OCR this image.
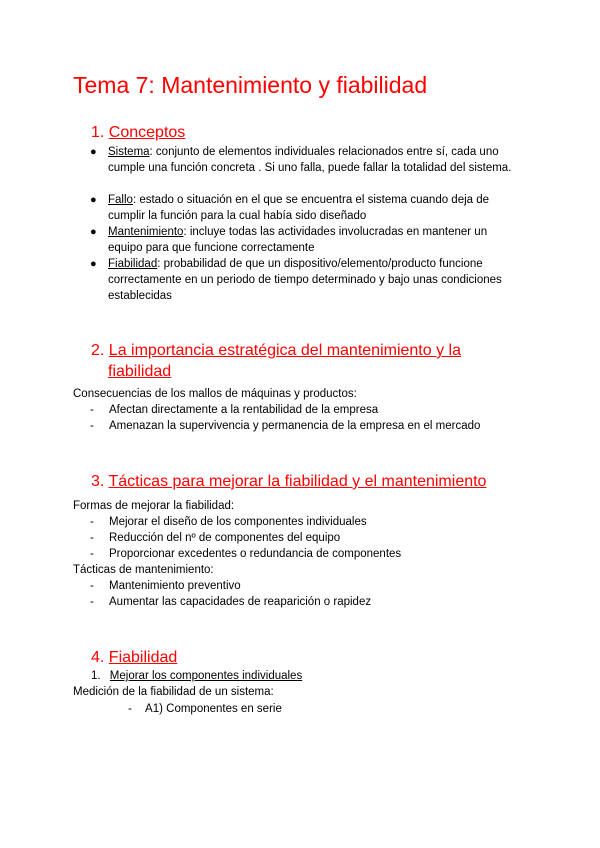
Tema 7: Mantenimiento y fiabilidad
1. Conceptos
● Sistema: conjunto de elementos individuales relacionados entre sí, cada uno cumple una función concreta . Si uno falla, puede fallar la totalidad del sistema.
● Fallo: estado o situación en el que se encuentra el sistema cuando deja de cumplir la función para la cual había sido diseñado
● Mantenimiento: incluye todas las actividades involucradas en mantener un equipo para que funcione correctamente
● Fiabilidad: probabilidad de que un dispositivo/elemento/producto funcione correctamente en un periodo de tiempo determinado y bajo unas condiciones establecidas
2. La importancia estratégica del mantenimiento y la
fiabilidad

Consecuencias de los mallos de máquinas y productos:

- Afectan directamente a la rentabilidad de la empresa
- Amenazan la supervivencia y permanencia de la empresa en el mercado
3. Tácticas para mejorar la fiabilidad y el mantenimiento

Formas de mejorar la fiabilidad:

- Mejorar el diseño de los componentes individuales
- Reducción del nº de componentes del equipo
- Proporcionar excedentes o redundancia de componentes

Tácticas de mantenimiento:

- Mantenimiento preventivo
- Aumentar las capacidades de reaparición o rapidez
4. Fiabilidad
1. Mejorar los componentes individuales

Medición de la fiabilidad de un sistema:

- A1) Componentes en serie
